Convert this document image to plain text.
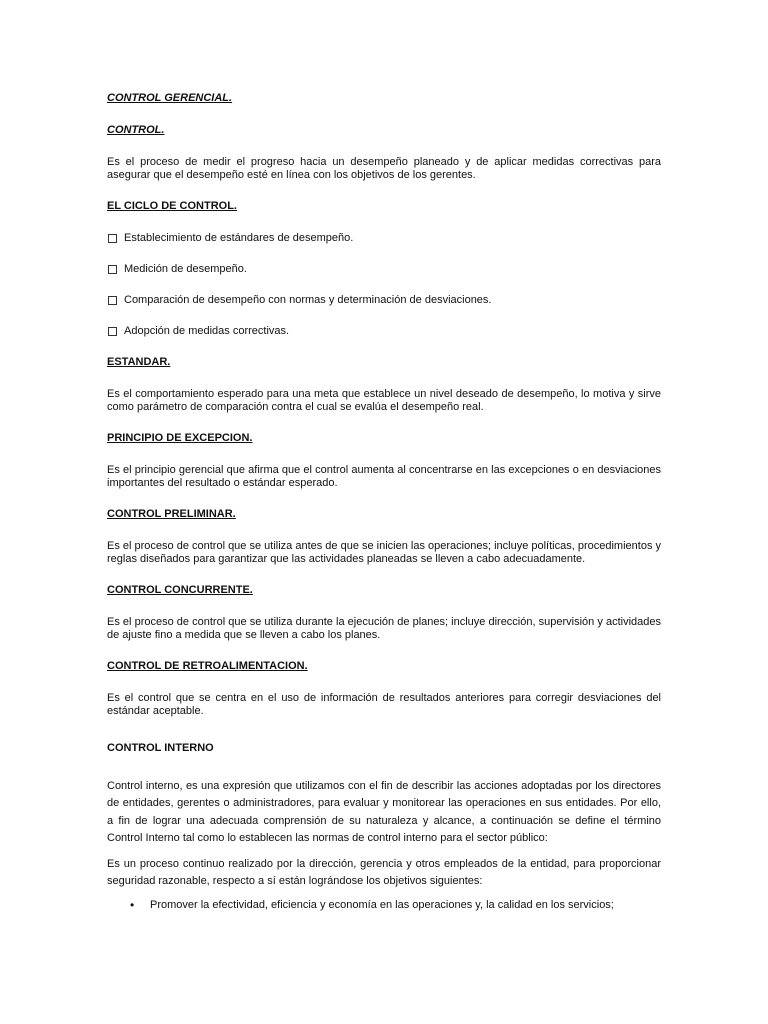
CONTROL GERENCIAL.
CONTROL.

Es el proceso de medir el progreso hacia un desempeño planeado y de aplicar medidas correctivas para asegurar que el desempeño esté en línea con los objetivos de los gerentes.

EL CICLO DE CONTROL.
Establecimiento de estándares de desempeño.
Medición de desempeño.
Comparación de desempeño con normas y determinación de desviaciones.
Adopción de medidas correctivas.
ESTANDAR.

Es el comportamiento esperado para una meta que establece un nivel deseado de desempeño, lo motiva y sirve como parámetro de comparación contra el cual se evalúa el desempeño real.

PRINCIPIO DE EXCEPCION.

Es el principio gerencial que afirma que el control aumenta al concentrarse en las excepciones o en desviaciones importantes del resultado o estándar esperado.

CONTROL PRELIMINAR.

Es el proceso de control que se utiliza antes de que se inicien las operaciones; incluye políticas, procedimientos y reglas diseñados para garantizar que las actividades planeadas se lleven a cabo adecuadamente.

CONTROL CONCURRENTE.

Es el proceso de control que se utiliza durante la ejecución de planes; incluye dirección, supervisión y actividades de ajuste fino a medida que se lleven a cabo los planes.

CONTROL DE RETROALIMENTACION.

Es el control que se centra en el uso de información de resultados anteriores para corregir desviaciones del estándar aceptable.

CONTROL INTERNO

Control interno, es una expresión que utilizamos con el fin de describir las acciones adoptadas por los directores de entidades, gerentes o administradores, para evaluar y monitorear las operaciones en sus entidades. Por ello, a fin de lograr una adecuada comprensión de su naturaleza y alcance, a continuación se define el término Control Interno tal como lo establecen las normas de control interno para el sector público:

Es un proceso continuo realizado por la dirección, gerencia y otros empleados de la entidad, para proporcionar seguridad razonable, respecto a sí están lográndose los objetivos siguientes:

•	Promover la efectividad, eficiencia y economía en las operaciones y, la calidad en los servicios;
